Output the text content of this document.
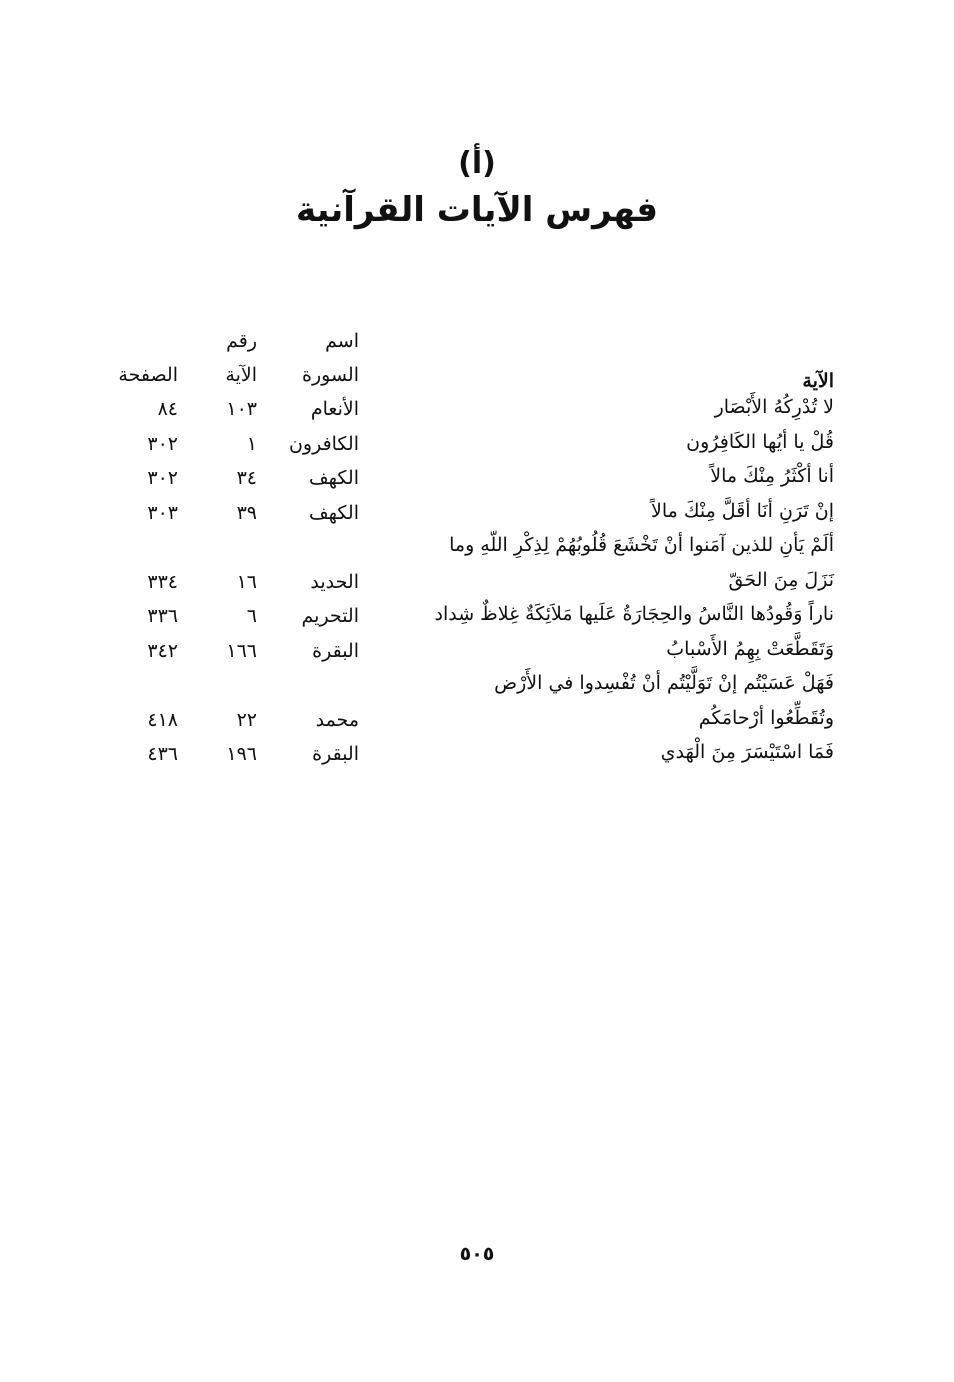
(أ)
فهرس الآيات القرآنية
اسم
السورة
رقم
الآية
الصفحة	الآية
لا تُدْرِكُهُ الأَبْصَار
الأنعام
١٠٣
٨٤
قُلْ يا أيُها الكَافِرُون
الكافرون
١
٣٠٢
أنا أكْثَرُ مِنْكَ مالاً
الكهف
٣٤
٣٠٢
إنْ تَرَنِ أنَا أقَلَّ مِنْكَ مالاً
الكهف
٣٩
٣٠٣
ألَمْ يَأنِ للذين آمَنوا أنْ تَخْشَعَ قُلُوبُهُمْ لِذِكْرِ اللّهِ وما
نَزَلَ مِنَ الحَقّ
الحديد
١٦
٣٣٤
ناراً وَقُودُها النَّاسُ والحِجَارَةُ عَلَيها مَلاَئِكَةٌ غِلاظٌ شِداد
التحريم
٦
٣٣٦
وَتَقَطَّعَتْ بِهِمُ الأَسْبابُ
البقرة
١٦٦
٣٤٢
فَهَلْ عَسَيْتُم إنْ تَوَلَّيْتُم أنْ تُفْسِدوا في الأَرْض
وتُقَطِّعُوا أرْحامَكُم
محمد
٢٢
٤١٨
فَمَا اسْتَيْسَرَ مِنَ الْهَدي
البقرة
١٩٦
٤٣٦
٥٠٥
